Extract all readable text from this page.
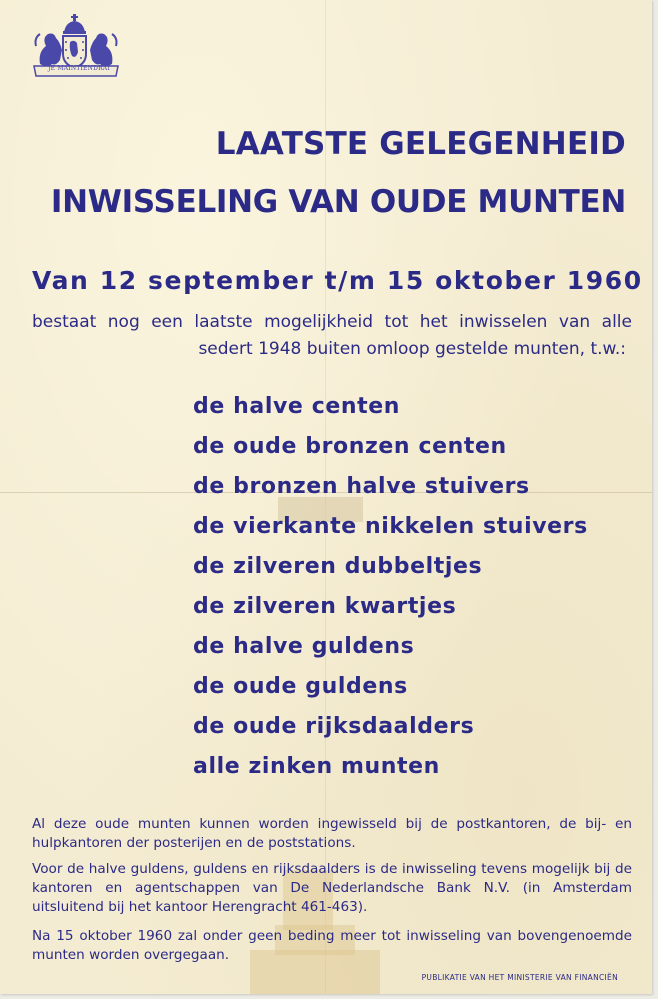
JE MAINTIENDRAI
LAATSTE GELEGENHEID
INWISSELING VAN OUDE MUNTEN
Van 12 september t/m 15 oktober 1960
bestaat nog een laatste mogelijkheid tot het inwisselen van alle
sedert 1948 buiten omloop gestelde munten, t.w.:
de halve centen
de oude bronzen centen
de bronzen halve stuivers
de vierkante nikkelen stuivers
de zilveren dubbeltjes
de zilveren kwartjes
de halve guldens
de oude guldens
de oude rijksdaalders
alle zinken munten

Al deze oude munten kunnen worden ingewisseld bij de postkantoren, de bij- en hulpkantoren der posterijen en de poststations.

Voor de halve guldens, guldens en rijksdaalders is de inwisseling tevens mogelijk bij de kantoren en agentschappen van De Nederlandsche Bank N.V. (in Amsterdam uitsluitend bij het kantoor Herengracht 461-463).

Na 15 oktober 1960 zal onder geen beding meer tot inwisseling van bovengenoemde munten worden overgegaan.

PUBLIKATIE VAN HET MINISTERIE VAN FINANCIËN
